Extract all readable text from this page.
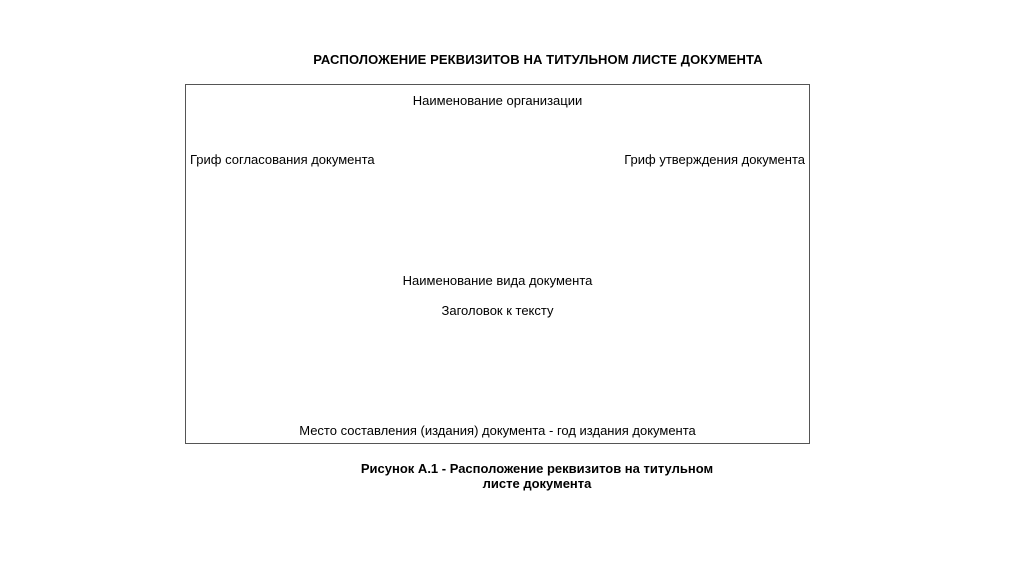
РАСПОЛОЖЕНИЕ РЕКВИЗИТОВ НА ТИТУЛЬНОМ ЛИСТЕ ДОКУМЕНТА
Наименование организации
Гриф согласования документа	Гриф утверждения документа
Наименование вида документа
Заголовок к тексту
Место составления (издания) документа - год издания документа
Рисунок А.1 - Расположение реквизитов на титульном
листе документа
